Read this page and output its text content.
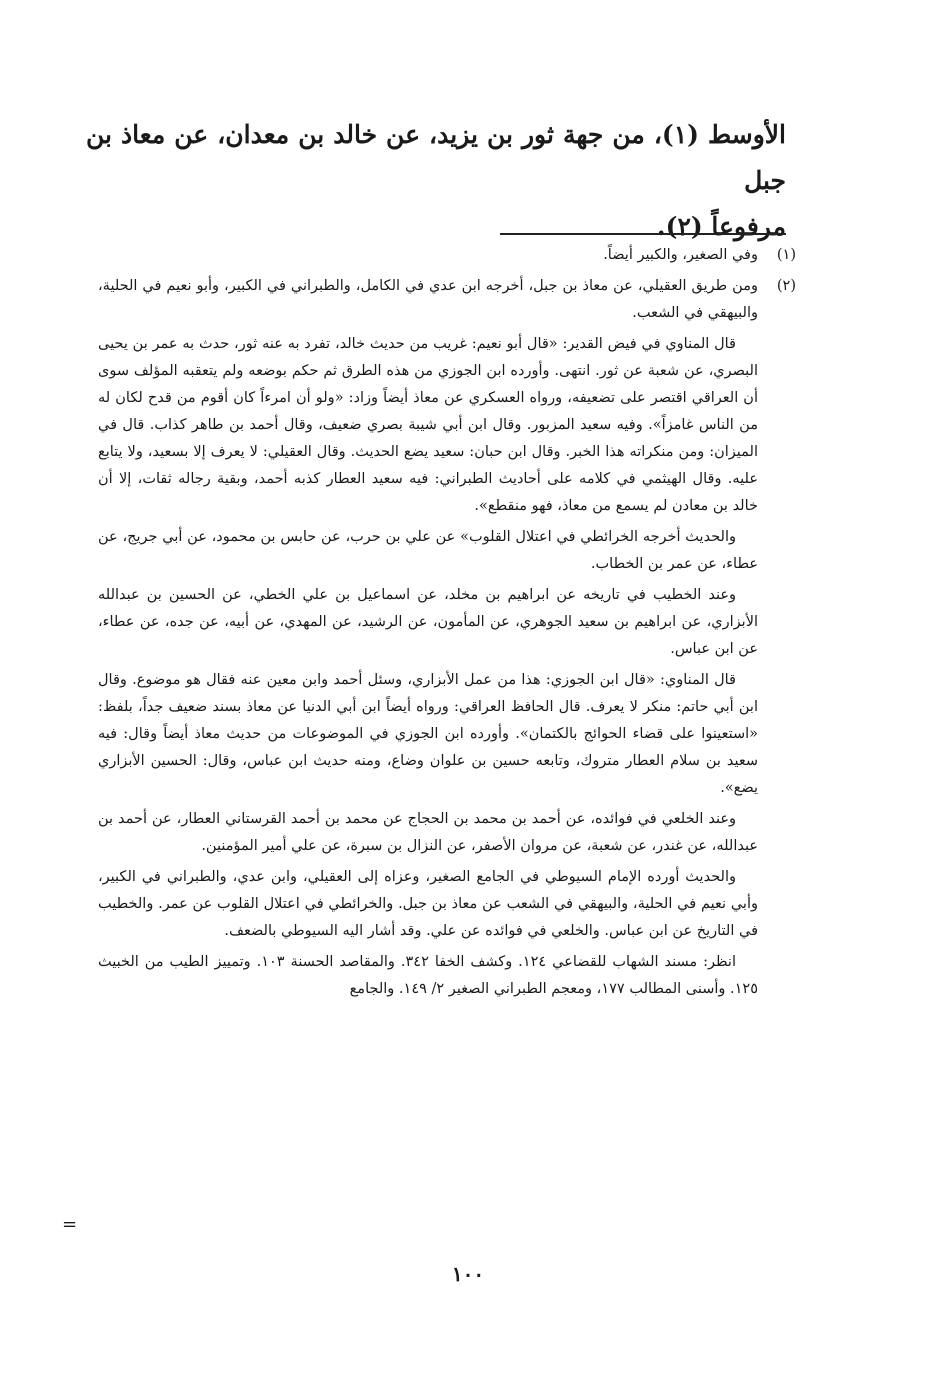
الأوسط (١)، من جهة ثور بن يزيد، عن خالد بن معدان، عن معاذ بن جبل

مرفوعاً (٢).

(١)

وفي الصغير، والكبير أيضاً.

(٢)

ومن طريق العقيلي، عن معاذ بن جبل، أخرجه ابن عدي في الكامل، والطبراني في الكبير، وأبو نعيم في الحلية، والبيهقي في الشعب.

قال المناوي في فيض القدير: «قال أبو نعيم: غريب من حديث خالد، تفرد به عنه ثور، حدث به عمر بن يحيى البصري، عن شعبة عن ثور. انتهى. وأورده ابن الجوزي من هذه الطرق ثم حكم بوضعه ولم يتعقبه المؤلف سوى أن العراقي اقتصر على تضعيفه، ورواه العسكري عن معاذ أيضاً وزاد: «ولو أن امرءاً كان أقوم من قدح لكان له من الناس غامزاً». وفيه سعيد المزبور. وقال ابن أبي شيبة بصري ضعيف، وقال أحمد بن طاهر كذاب. قال في الميزان: ومن منكراته هذا الخبر. وقال ابن حبان: سعيد يضع الحديث. وقال العقيلي: لا يعرف إلا بسعيد، ولا يتابع عليه. وقال الهيثمي في كلامه على أحاديث الطبراني: فيه سعيد العطار كذبه أحمد، وبقية رجاله ثقات، إلا أن خالد بن معادن لم يسمع من معاذ، فهو منقطع».

والحديث أخرجه الخرائطي في اعتلال القلوب» عن علي بن حرب، عن حابس بن محمود، عن أبي جريج، عن عطاء، عن عمر بن الخطاب.

وعند الخطيب في تاريخه عن ابراهيم بن مخلد، عن اسماعيل بن علي الخطي، عن الحسين بن عبدالله الأبزاري، عن ابراهيم بن سعيد الجوهري، عن المأمون، عن الرشيد، عن المهدي، عن أبيه، عن جده، عن عطاء، عن ابن عباس.

قال المناوي: «قال ابن الجوزي: هذا من عمل الأبزاري، وسئل أحمد وابن معين عنه فقال هو موضوع. وقال ابن أبي حاتم: منكر لا يعرف. قال الحافظ العراقي: ورواه أيضاً ابن أبي الدنيا عن معاذ بسند ضعيف جداً، بلفظ: «استعينوا على قضاء الحوائج بالكتمان». وأورده ابن الجوزي في الموضوعات من حديث معاذ أيضاً وقال: فيه سعيد بن سلام العطار متروك، وتابعه حسين بن علوان وضاع، ومنه حديث ابن عباس، وقال: الحسين الأبزاري يضع».

وعند الخلعي في فوائده، عن أحمد بن محمد بن الحجاج عن محمد بن أحمد القرستاني العطار، عن أحمد بن عبدالله، عن غندر، عن شعبة، عن مروان الأصفر، عن النزال بن سبرة، عن علي أمير المؤمنين.

والحديث أورده الإمام السيوطي في الجامع الصغير، وعزاه إلى العقيلي، وابن عدي، والطبراني في الكبير، وأبي نعيم في الحلية، والبيهقي في الشعب عن معاذ بن جبل. والخرائطي في اعتلال القلوب عن عمر. والخطيب في التاريخ عن ابن عباس. والخلعي في فوائده عن علي. وقد أشار اليه السيوطي بالضعف.

انظر: مسند الشهاب للقضاعي ١٢٤. وكشف الخفا ٣٤٢. والمقاصد الحسنة ١٠٣. وتمييز الطيب من الخبيث ١٢٥. وأسنى المطالب ١٧٧، ومعجم الطبراني الصغير ٢/ ١٤٩. والجامع

=
١٠٠
